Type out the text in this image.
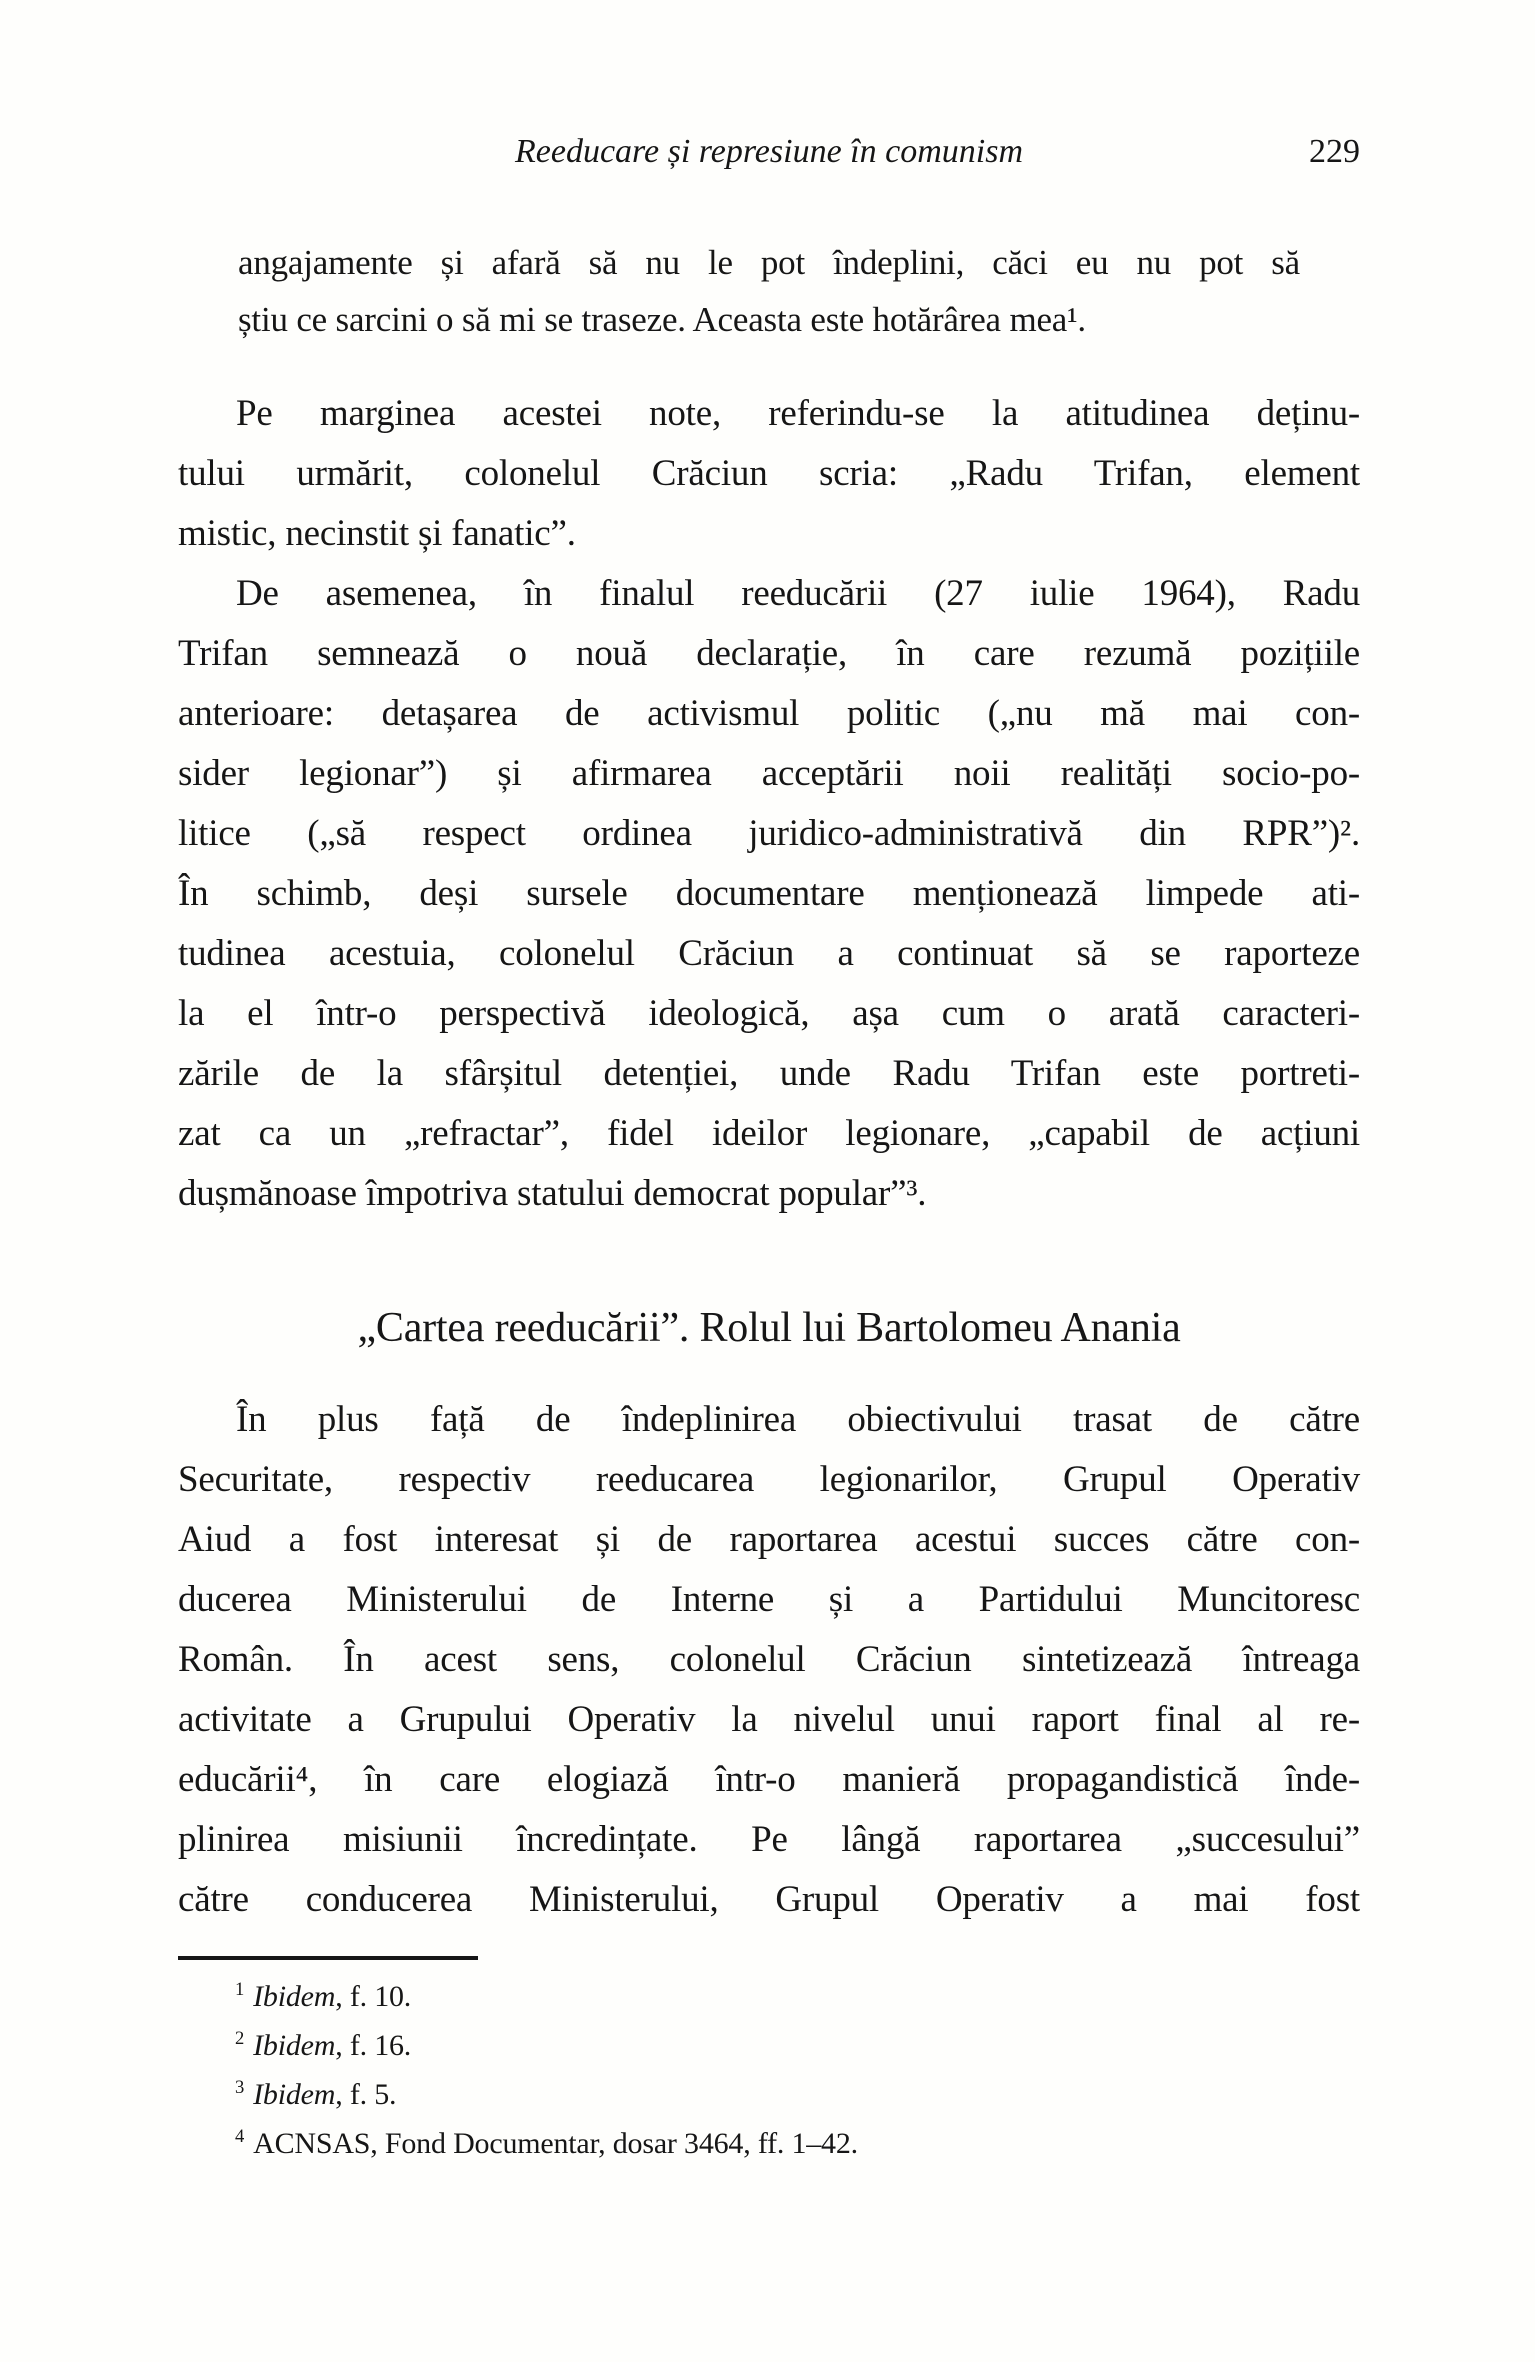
Reeducare și represiune în comunism	229
angajamente și afară să nu le pot îndeplini, căci eu nu pot să
știu ce sarcini o să mi se traseze. Aceasta este hotărârea mea¹.
Pe marginea acestei note, referindu-se la atitudinea deținu-
tului urmărit, colonelul Crăciun scria: „Radu Trifan, element
mistic, necinstit și fanatic”.
De asemenea, în finalul reeducării (27 iulie 1964), Radu
Trifan semnează o nouă declarație, în care rezumă pozițiile
anterioare: detașarea de activismul politic („nu mă mai con-
sider legionar”) și afirmarea acceptării noii realități socio-po-
litice („să respect ordinea juridico-administrativă din RPR”)².
În schimb, deși sursele documentare menționează limpede ati-
tudinea acestuia, colonelul Crăciun a continuat să se raporteze
la el într-o perspectivă ideologică, așa cum o arată caracteri-
zările de la sfârșitul detenției, unde Radu Trifan este portreti-
zat ca un „refractar”, fidel ideilor legionare, „capabil de acțiuni
dușmănoase împotriva statului democrat popular”³.
„Cartea reeducării”. Rolul lui Bartolomeu Anania
În plus față de îndeplinirea obiectivului trasat de către
Securitate, respectiv reeducarea legionarilor, Grupul Operativ
Aiud a fost interesat și de raportarea acestui succes către con-
ducerea Ministerului de Interne și a Partidului Muncitoresc
Român. În acest sens, colonelul Crăciun sintetizează întreaga
activitate a Grupului Operativ la nivelul unui raport final al re-
educării⁴, în care elogiază într-o manieră propagandistică înde-
plinirea misiunii încredințate. Pe lângă raportarea „succesului”
către conducerea Ministerului, Grupul Operativ a mai fost
$^1$ Ibidem, f. 10.
$^2$ Ibidem, f. 16.
$^3$ Ibidem, f. 5.
$^4$ ACNSAS, Fond Documentar, dosar 3464, ff. 1–42.
